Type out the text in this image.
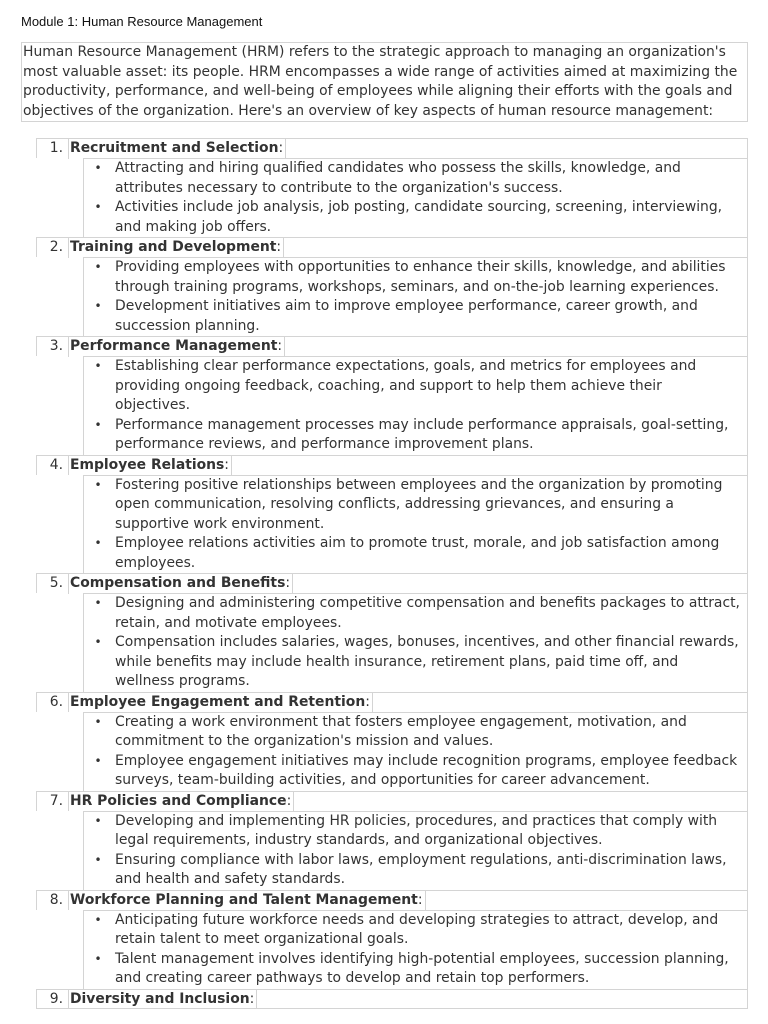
Module 1: Human Resource Management
Human Resource Management (HRM) refers to the strategic approach to managing an organization's most valuable asset: its people. HRM encompasses a wide range of activities aimed at maximizing the productivity, performance, and well-being of employees while aligning their efforts with the goals and objectives of the organization. Here's an overview of key aspects of human resource management:
1. Recruitment and Selection:
• Attracting and hiring qualified candidates who possess the skills, knowledge, and attributes necessary to contribute to the organization's success.
• Activities include job analysis, job posting, candidate sourcing, screening, interviewing, and making job offers.
2. Training and Development:
• Providing employees with opportunities to enhance their skills, knowledge, and abilities through training programs, workshops, seminars, and on-the-job learning experiences.
• Development initiatives aim to improve employee performance, career growth, and succession planning.
3. Performance Management:
• Establishing clear performance expectations, goals, and metrics for employees and providing ongoing feedback, coaching, and support to help them achieve their objectives.
• Performance management processes may include performance appraisals, goal-setting, performance reviews, and performance improvement plans.
4. Employee Relations:
• Fostering positive relationships between employees and the organization by promoting open communication, resolving conflicts, addressing grievances, and ensuring a supportive work environment.
• Employee relations activities aim to promote trust, morale, and job satisfaction among employees.
5. Compensation and Benefits:
• Designing and administering competitive compensation and benefits packages to attract, retain, and motivate employees.
• Compensation includes salaries, wages, bonuses, incentives, and other financial rewards, while benefits may include health insurance, retirement plans, paid time off, and wellness programs.
6. Employee Engagement and Retention:
• Creating a work environment that fosters employee engagement, motivation, and commitment to the organization's mission and values.
• Employee engagement initiatives may include recognition programs, employee feedback surveys, team-building activities, and opportunities for career advancement.
7. HR Policies and Compliance:
• Developing and implementing HR policies, procedures, and practices that comply with legal requirements, industry standards, and organizational objectives.
• Ensuring compliance with labor laws, employment regulations, anti-discrimination laws, and health and safety standards.
8. Workforce Planning and Talent Management:
• Anticipating future workforce needs and developing strategies to attract, develop, and retain talent to meet organizational goals.
• Talent management involves identifying high-potential employees, succession planning, and creating career pathways to develop and retain top performers.
9. Diversity and Inclusion:
